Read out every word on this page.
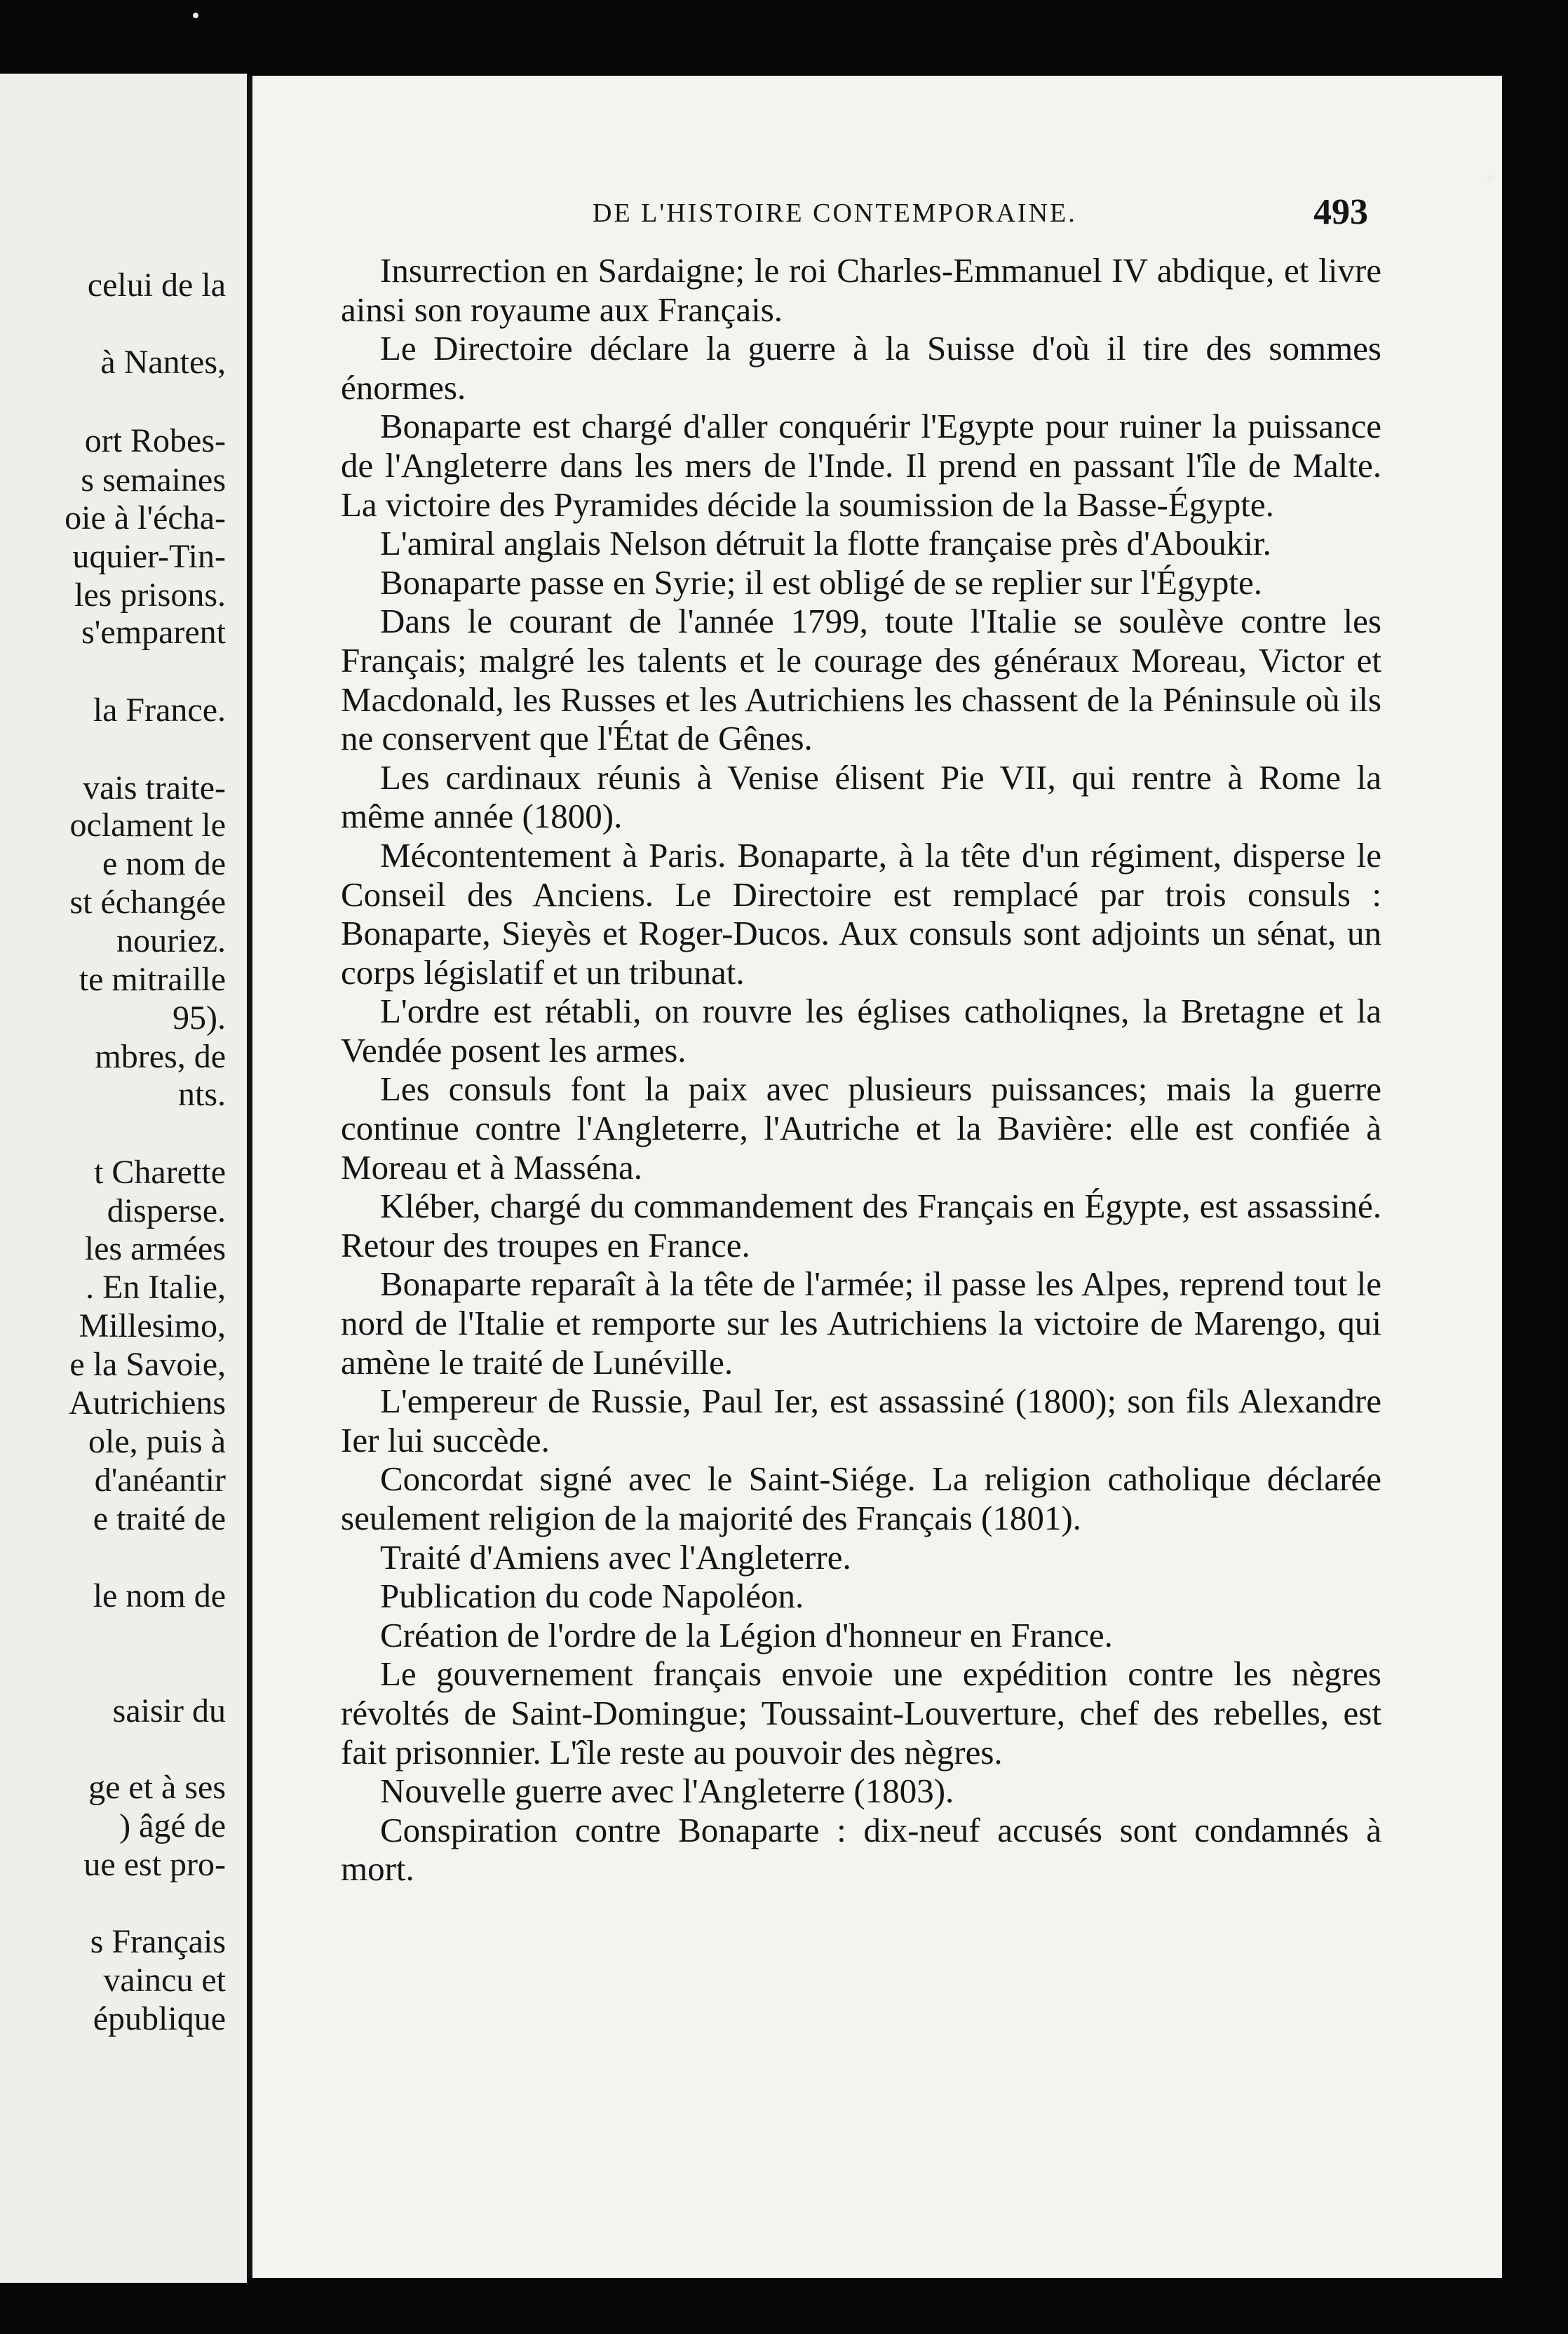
celui de la
à Nantes,
ort Robes-
s semaines
oie à l'écha-
uquier-Tin-
les prisons.
s'emparent
la France.
vais traite-
oclament le
e nom de
st échangée
nouriez.
te mitraille
95).
mbres, de
nts.
t Charette
disperse.
les armées
. En Italie,
Millesimo,
e la Savoie,
Autrichiens
ole, puis à
d'anéantir
e traité de
le nom de
saisir du
ge et à ses
) âgé de
ue est pro-
s Français
vaincu et
épublique
DE L'HISTOIRE CONTEMPORAINE.	493

Insurrection en Sardaigne; le roi Charles-Emmanuel IV abdique, et livre ainsi son royaume aux Français.

Le Directoire déclare la guerre à la Suisse d'où il tire des sommes énormes.

Bonaparte est chargé d'aller conquérir l'Egypte pour ruiner la puissance de l'Angleterre dans les mers de l'Inde. Il prend en passant l'île de Malte. La victoire des Pyramides décide la soumission de la Basse-Égypte.

L'amiral anglais Nelson détruit la flotte française près d'Aboukir.

Bonaparte passe en Syrie; il est obligé de se replier sur l'Égypte.

Dans le courant de l'année 1799, toute l'Italie se soulève contre les Français; malgré les talents et le courage des généraux Moreau, Victor et Macdonald, les Russes et les Autrichiens les chassent de la Péninsule où ils ne conservent que l'État de Gênes.

Les cardinaux réunis à Venise élisent Pie VII, qui rentre à Rome la même année (1800).

Mécontentement à Paris. Bonaparte, à la tête d'un régiment, disperse le Conseil des Anciens. Le Directoire est remplacé par trois consuls : Bonaparte, Sieyès et Roger-Ducos. Aux consuls sont adjoints un sénat, un corps législatif et un tribunat.

L'ordre est rétabli, on rouvre les églises catholiqnes, la Bretagne et la Vendée posent les armes.

Les consuls font la paix avec plusieurs puissances; mais la guerre continue contre l'Angleterre, l'Autriche et la Bavière: elle est confiée à Moreau et à Masséna.

Kléber, chargé du commandement des Français en Égypte, est assassiné. Retour des troupes en France.

Bonaparte reparaît à la tête de l'armée; il passe les Alpes, reprend tout le nord de l'Italie et remporte sur les Autrichiens la victoire de Marengo, qui amène le traité de Lunéville.

L'empereur de Russie, Paul Ier, est assassiné (1800); son fils Alexandre Ier lui succède.

Concordat signé avec le Saint-Siége. La religion catholique déclarée seulement religion de la majorité des Français (1801).

Traité d'Amiens avec l'Angleterre.

Publication du code Napoléon.

Création de l'ordre de la Légion d'honneur en France.

Le gouvernement français envoie une expédition contre les nègres révoltés de Saint-Domingue; Toussaint-Louverture, chef des rebelles, est fait prisonnier. L'île reste au pouvoir des nègres.

Nouvelle guerre avec l'Angleterre (1803).

Conspiration contre Bonaparte : dix-neuf accusés sont condamnés à mort.
